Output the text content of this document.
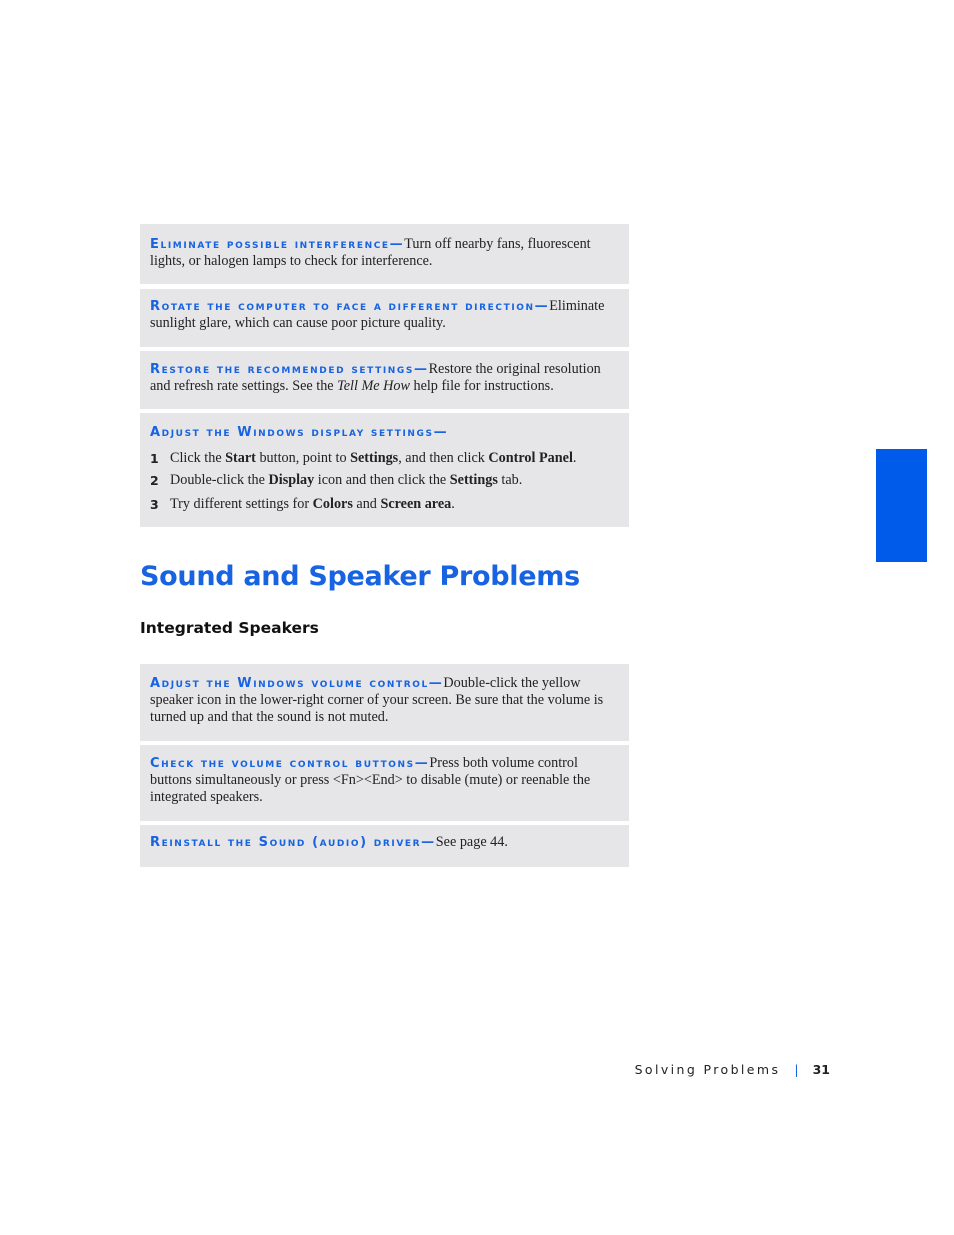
Eliminate possible interference—Turn off nearby fans, fluorescent lights, or halogen lamps to check for interference.
Rotate the computer to face a different direction—Eliminate sunlight glare, which can cause poor picture quality.
Restore the recommended settings—Restore the original resolution and refresh rate settings. See the Tell Me How help file for instructions.
Adjust the Windows display settings—
1 Click the Start button, point to Settings, and then click Control Panel.
2 Double-click the Display icon and then click the Settings tab.
3 Try different settings for Colors and Screen area.
Sound and Speaker Problems
Integrated Speakers
Adjust the Windows volume control—Double-click the yellow speaker icon in the lower-right corner of your screen. Be sure that the volume is turned up and that the sound is not muted.
Check the volume control buttons—Press both volume control buttons simultaneously or press <Fn><End> to disable (mute) or reenable the integrated speakers.
Reinstall the Sound (audio) driver—See page 44.
Solving Problems | 31
